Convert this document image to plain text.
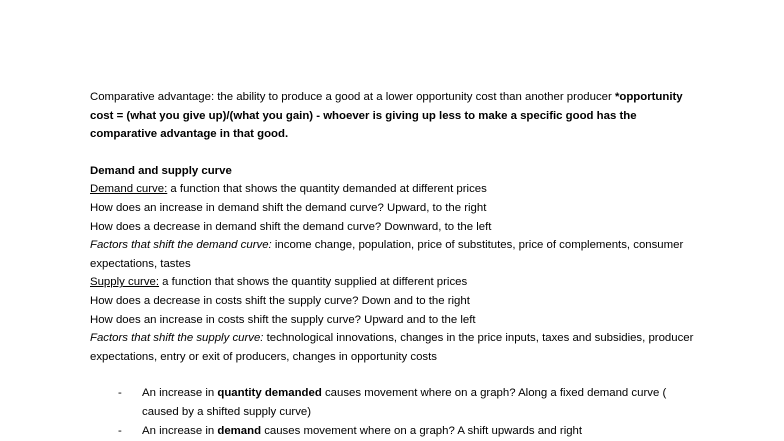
Comparative advantage: the ability to produce a good at a lower opportunity cost than another producer *opportunity cost = (what you give up)/(what you gain) - whoever is giving up less to make a specific good has the comparative advantage in that good.

Demand and supply curve

Demand curve: a function that shows the quantity demanded at different prices

How does an increase in demand shift the demand curve? Upward, to the right

How does a decrease in demand shift the demand curve? Downward, to the left

Factors that shift the demand curve: income change, population, price of substitutes, price of complements, consumer expectations, tastes

Supply curve: a function that shows the quantity supplied at different prices

How does a decrease in costs shift the supply curve? Down and to the right

How does an increase in costs shift the supply curve? Upward and to the left

Factors that shift the supply curve: technological innovations, changes in the price inputs, taxes and subsidies, producer expectations, entry or exit of producers, changes in opportunity costs

- An increase in quantity demanded causes movement where on a graph? Along a fixed demand curve ( caused by a shifted supply curve)
- An increase in demand causes movement where on a graph? A shift upwards and right
